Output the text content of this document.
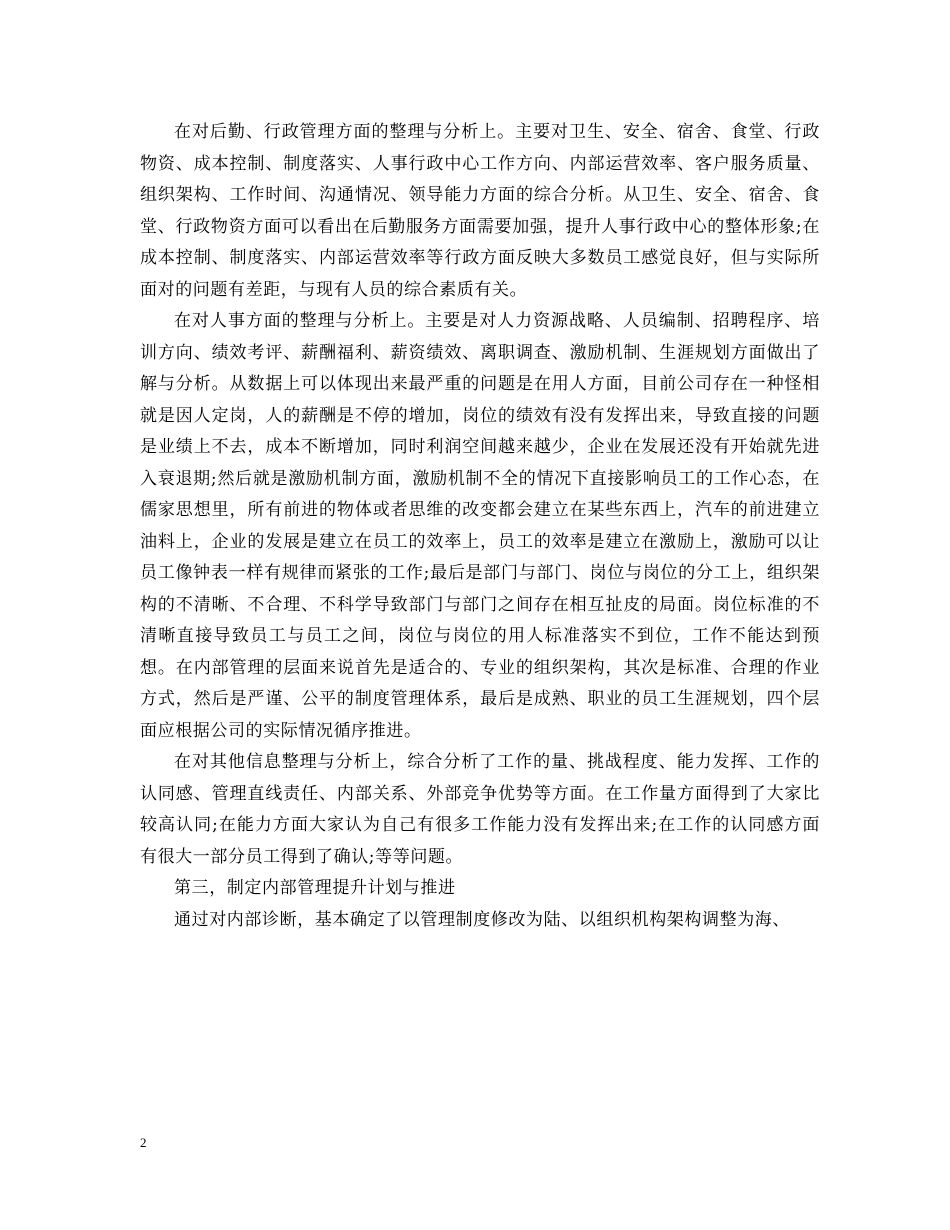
在对后勤、行政管理方面的整理与分析上。主要对卫生、安全、宿舍、食堂、行政物资、成本控制、制度落实、人事行政中心工作方向、内部运营效率、客户服务质量、组织架构、工作时间、沟通情况、领导能力方面的综合分析。从卫生、安全、宿舍、食堂、行政物资方面可以看出在后勤服务方面需要加强，提升人事行政中心的整体形象;在成本控制、制度落实、内部运营效率等行政方面反映大多数员工感觉良好，但与实际所面对的问题有差距，与现有人员的综合素质有关。

在对人事方面的整理与分析上。主要是对人力资源战略、人员编制、招聘程序、培训方向、绩效考评、薪酬福利、薪资绩效、离职调查、激励机制、生涯规划方面做出了解与分析。从数据上可以体现出来最严重的问题是在用人方面，目前公司存在一种怪相就是因人定岗，人的薪酬是不停的增加，岗位的绩效有没有发挥出来，导致直接的问题是业绩上不去，成本不断增加，同时利润空间越来越少，企业在发展还没有开始就先进入衰退期;然后就是激励机制方面，激励机制不全的情况下直接影响员工的工作心态，在儒家思想里，所有前进的物体或者思维的改变都会建立在某些东西上，汽车的前进建立油料上，企业的发展是建立在员工的效率上，员工的效率是建立在激励上，激励可以让员工像钟表一样有规律而紧张的工作;最后是部门与部门、岗位与岗位的分工上，组织架构的不清晰、不合理、不科学导致部门与部门之间存在相互扯皮的局面。岗位标准的不清晰直接导致员工与员工之间，岗位与岗位的用人标准落实不到位，工作不能达到预想。在内部管理的层面来说首先是适合的、专业的组织架构，其次是标准、合理的作业方式，然后是严谨、公平的制度管理体系，最后是成熟、职业的员工生涯规划，四个层面应根据公司的实际情况循序推进。

在对其他信息整理与分析上，综合分析了工作的量、挑战程度、能力发挥、工作的认同感、管理直线责任、内部关系、外部竞争优势等方面。在工作量方面得到了大家比较高认同;在能力方面大家认为自己有很多工作能力没有发挥出来;在工作的认同感方面有很大一部分员工得到了确认;等等问题。

第三，制定内部管理提升计划与推进

通过对内部诊断，基本确定了以管理制度修改为陆、以组织机构架构调整为海、

2
